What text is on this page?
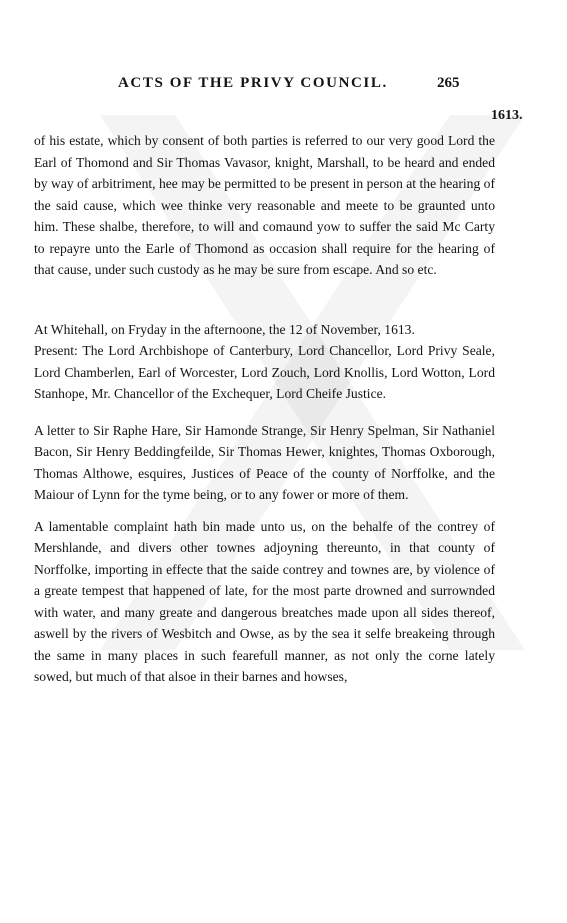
ACTS OF THE PRIVY COUNCIL.	265
1613.

of his estate, which by consent of both parties is referred to our very good Lord the Earl of Thomond and Sir Thomas Vavasor, knight, Marshall, to be heard and ended by way of arbitriment, hee may be permitted to be present in person at the hearing of the said cause, which wee thinke very reasonable and meete to be graunted unto him. These shalbe, therefore, to will and comaund yow to suffer the said Mc Carty to repayre unto the Earle of Thomond as occasion shall require for the hearing of that cause, under such custody as he may be sure from escape. And so etc.

At Whitehall, on Fryday in the afternoone, the 12 of November, 1613.

Present: The Lord Archbishope of Canterbury, Lord Chancellor, Lord Privy Seale, Lord Chamberlen, Earl of Worcester, Lord Zouch, Lord Knollis, Lord Wotton, Lord Stanhope, Mr. Chancellor of the Exchequer, Lord Cheife Justice.

A letter to Sir Raphe Hare, Sir Hamonde Strange, Sir Henry Spelman, Sir Nathaniel Bacon, Sir Henry Beddingfeilde, Sir Thomas Hewer, knightes, Thomas Oxborough, Thomas Althowe, esquires, Justices of Peace of the county of Norffolke, and the Maiour of Lynn for the tyme being, or to any fower or more of them.

A lamentable complaint hath bin made unto us, on the behalfe of the contrey of Mershlande, and divers other townes adjoyning thereunto, in that county of Norffolke, importing in effecte that the saide contrey and townes are, by violence of a greate tempest that happened of late, for the most parte drowned and surrownded with water, and many greate and dangerous breatches made upon all sides thereof, aswell by the rivers of Wesbitch and Owse, as by the sea it selfe breakeing through the same in many places in such fearefull manner, as not only the corne lately sowed, but much of that alsoe in their barnes and howses,
